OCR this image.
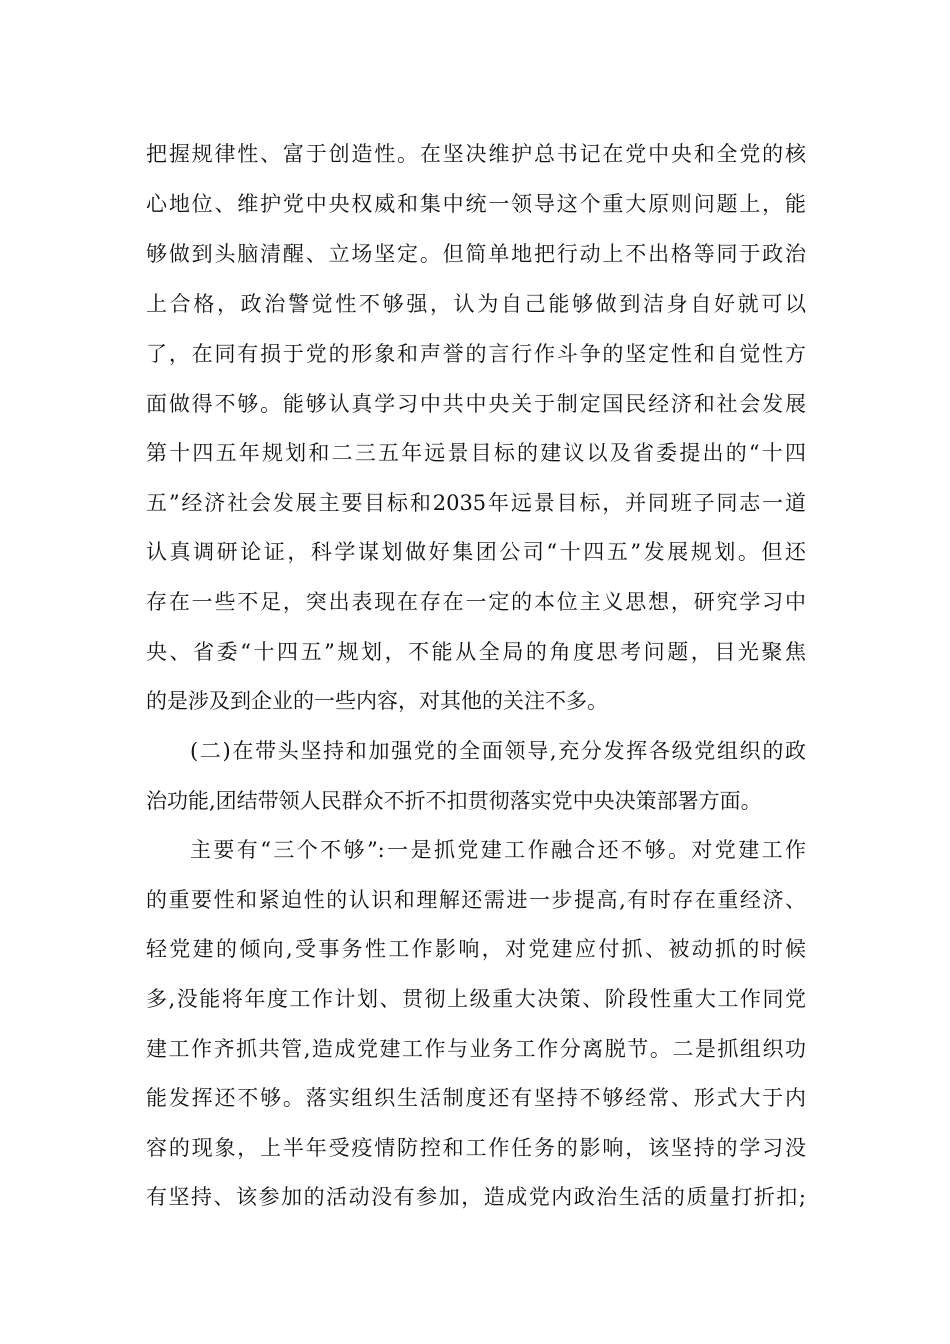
把握规律性、富于创造性。在坚决维护总书记在党中央和全党的核
心地位、维护党中央权威和集中统一领导这个重大原则问题上，能
够做到头脑清醒、立场坚定。但简单地把行动上不出格等同于政治
上合格，政治警觉性不够强，认为自己能够做到洁身自好就可以
了，在同有损于党的形象和声誉的言行作斗争的坚定性和自觉性方
面做得不够。能够认真学习中共中央关于制定国民经济和社会发展
第十四五年规划和二三五年远景目标的建议以及省委提出的“十四
五”经济社会发展主要目标和2035年远景目标，并同班子同志一道
认真调研论证，科学谋划做好集团公司“十四五”发展规划。但还
存在一些不足，突出表现在存在一定的本位主义思想，研究学习中
央、省委“十四五”规划，不能从全局的角度思考问题，目光聚焦
的是涉及到企业的一些内容，对其他的关注不多。
(二)在带头坚持和加强党的全面领导,充分发挥各级党组织的政
治功能,团结带领人民群众不折不扣贯彻落实党中央决策部署方面。
主要有“三个不够”:一是抓党建工作融合还不够。对党建工作
的重要性和紧迫性的认识和理解还需进一步提高,有时存在重经济、
轻党建的倾向,受事务性工作影响，对党建应付抓、被动抓的时候
多,没能将年度工作计划、贯彻上级重大决策、阶段性重大工作同党
建工作齐抓共管,造成党建工作与业务工作分离脱节。二是抓组织功
能发挥还不够。落实组织生活制度还有坚持不够经常、形式大于内
容的现象，上半年受疫情防控和工作任务的影响，该坚持的学习没
有坚持、该参加的活动没有参加，造成党内政治生活的质量打折扣;
